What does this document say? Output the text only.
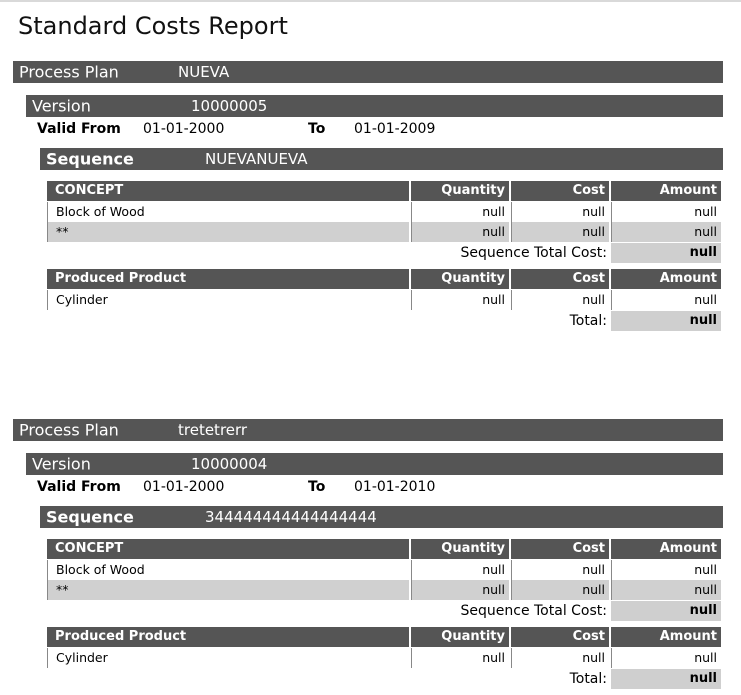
Standard Costs Report
Process Plan	NUEVA
Version	10000005
Valid From 01-01-2000	To 01-01-2009
Sequence	NUEVANUEVA
CONCEPT	Quantity	Cost	Amount
Block of Wood	null	null	null
**	null	null	null
Sequence Total Cost:	null
Produced Product	Quantity	Cost	Amount
Cylinder	null	null	null
Total:	null
Process Plan	tretetrerr
Version	10000004
Valid From 01-01-2000	To 01-01-2010
Sequence	344444444444444444
CONCEPT	Quantity	Cost	Amount
Block of Wood	null	null	null
**	null	null	null
Sequence Total Cost:	null
Produced Product	Quantity	Cost	Amount
Cylinder	null	null	null
Total:	null
